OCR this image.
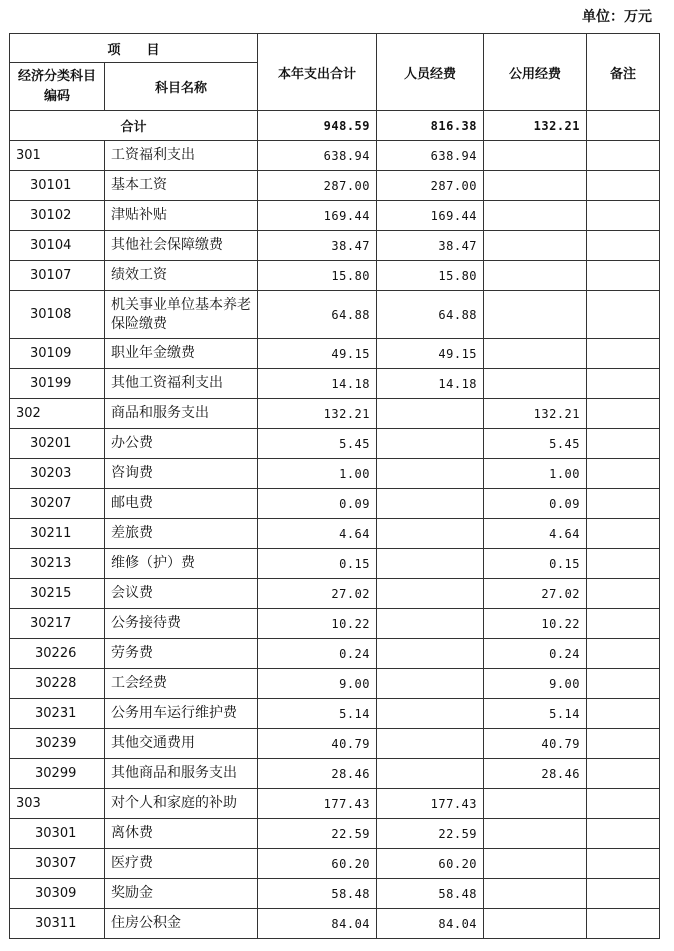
单位：万元
项　　目		本年支出合计	人员经费	公用经费	备注
经济分类科目编码	科目名称				
合计		948.59	816.38	132.21	
301	工资福利支出	638.94	638.94		
30101	基本工资	287.00	287.00		
30102	津贴补贴	169.44	169.44		
30104	其他社会保障缴费	38.47	38.47		
30107	绩效工资	15.80	15.80		
30108	机关事业单位基本养老保险缴费	64.88	64.88		
30109	职业年金缴费	49.15	49.15		
30199	其他工资福利支出	14.18	14.18		
302	商品和服务支出	132.21		132.21	
30201	办公费	5.45		5.45	
30203	咨询费	1.00		1.00	
30207	邮电费	0.09		0.09	
30211	差旅费	4.64		4.64	
30213	维修（护）费	0.15		0.15	
30215	会议费	27.02		27.02	
30217	公务接待费	10.22		10.22	
30226	劳务费	0.24		0.24	
30228	工会经费	9.00		9.00	
30231	公务用车运行维护费	5.14		5.14	
30239	其他交通费用	40.79		40.79	
30299	其他商品和服务支出	28.46		28.46	
303	对个人和家庭的补助	177.43	177.43		
30301	离休费	22.59	22.59		
30307	医疗费	60.20	60.20		
30309	奖励金	58.48	58.48		
30311	住房公积金	84.04	84.04		
